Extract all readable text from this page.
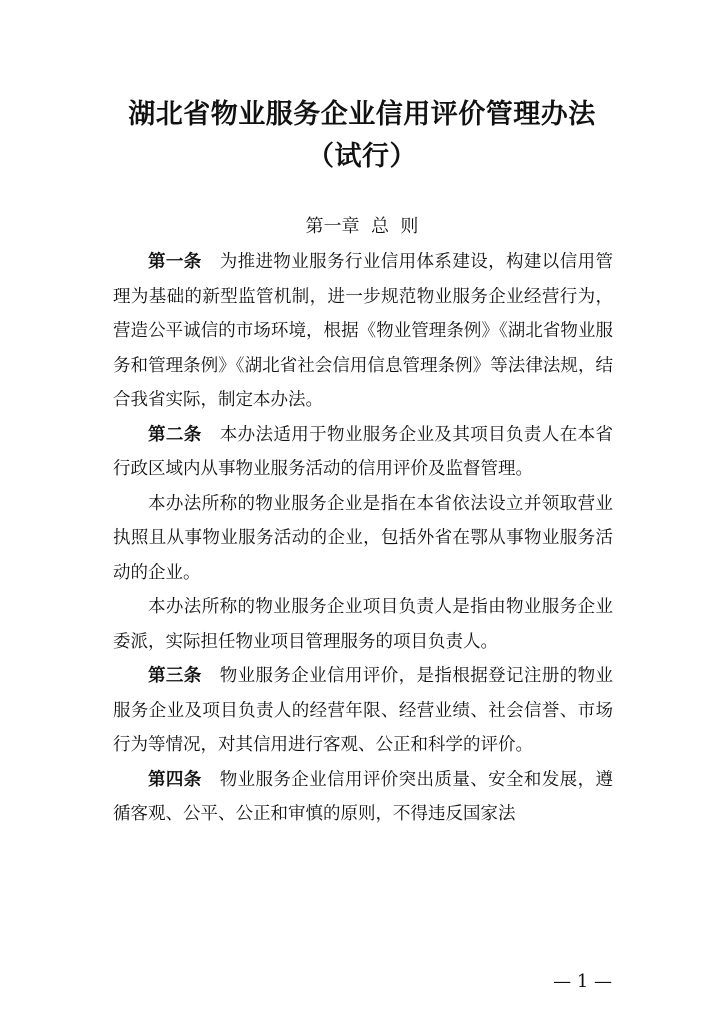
湖北省物业服务企业信用评价管理办法
（试行）
第一章  总  则

第一条 为推进物业服务行业信用体系建设，构建以信用管理为基础的新型监管机制，进一步规范物业服务企业经营行为，营造公平诚信的市场环境，根据《物业管理条例》《湖北省物业服务和管理条例》《湖北省社会信用信息管理条例》等法律法规，结合我省实际，制定本办法。

第二条 本办法适用于物业服务企业及其项目负责人在本省行政区域内从事物业服务活动的信用评价及监督管理。

本办法所称的物业服务企业是指在本省依法设立并领取营业执照且从事物业服务活动的企业，包括外省在鄂从事物业服务活动的企业。

本办法所称的物业服务企业项目负责人是指由物业服务企业委派，实际担任物业项目管理服务的项目负责人。

第三条 物业服务企业信用评价，是指根据登记注册的物业服务企业及项目负责人的经营年限、经营业绩、社会信誉、市场行为等情况，对其信用进行客观、公正和科学的评价。

第四条 物业服务企业信用评价突出质量、安全和发展，遵循客观、公平、公正和审慎的原则，不得违反国家法

— 1 —
